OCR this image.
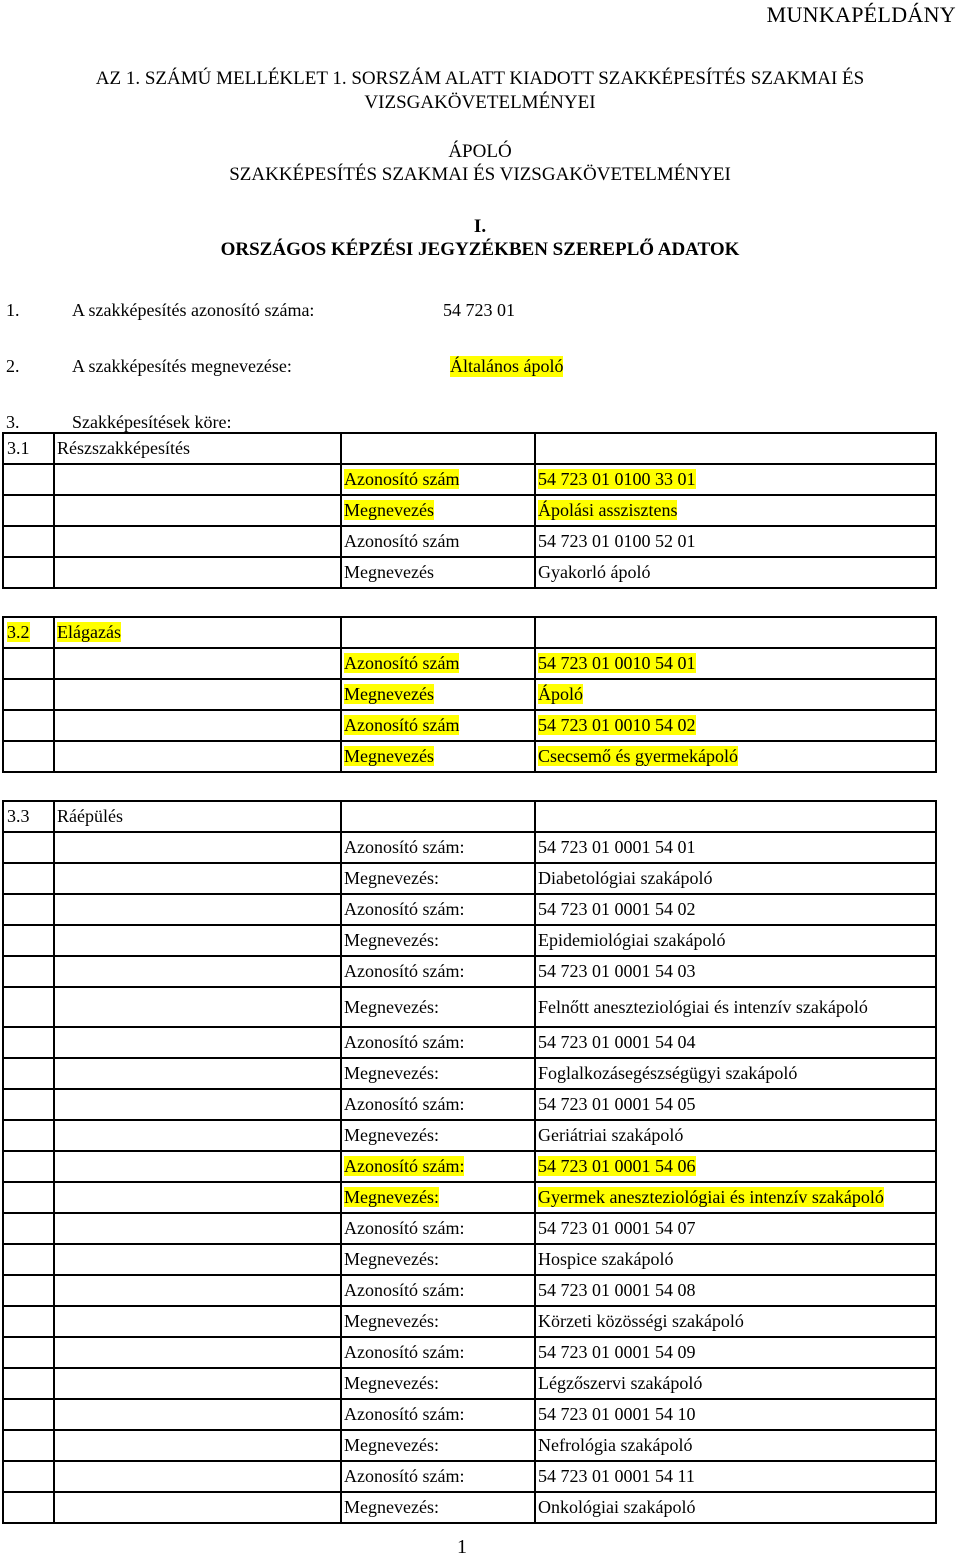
MUNKAPÉLDÁNY
AZ 1. SZÁMÚ MELLÉKLET 1. SORSZÁM ALATT KIADOTT SZAKKÉPESÍTÉS SZAKMAI ÉS
VIZSGAKÖVETELMÉNYEI
ÁPOLÓ
SZAKKÉPESÍTÉS SZAKMAI ÉS VIZSGAKÖVETELMÉNYEI
I.
ORSZÁGOS KÉPZÉSI JEGYZÉKBEN SZEREPLŐ ADATOK
1.	A szakképesítés azonosító száma:	54 723 01
2.	A szakképesítés megnevezése:	Általános ápoló
3.	Szakképesítések köre:
3.1	Részszakképesítés		
		Azonosító szám	54 723 01 0100 33 01
		Megnevezés	Ápolási asszisztens
		Azonosító szám	54 723 01 0100 52 01
		Megnevezés	Gyakorló ápoló
3.2	Elágazás		
		Azonosító szám	54 723 01 0010 54 01
		Megnevezés	Ápoló
		Azonosító szám	54 723 01 0010 54 02
		Megnevezés	Csecsemő és gyermekápoló
3.3	Ráépülés		
		Azonosító szám:	54 723 01 0001 54 01
		Megnevezés:	Diabetológiai szakápoló
		Azonosító szám:	54 723 01 0001 54 02
		Megnevezés:	Epidemiológiai szakápoló
		Azonosító szám:	54 723 01 0001 54 03
		Megnevezés:	Felnőtt aneszteziológiai és intenzív szakápoló
		Azonosító szám:	54 723 01 0001 54 04
		Megnevezés:	Foglalkozásegészségügyi szakápoló
		Azonosító szám:	54 723 01 0001 54 05
		Megnevezés:	Geriátriai szakápoló
		Azonosító szám:	54 723 01 0001 54 06
		Megnevezés:	Gyermek aneszteziológiai és intenzív szakápoló
		Azonosító szám:	54 723 01 0001 54 07
		Megnevezés:	Hospice szakápoló
		Azonosító szám:	54 723 01 0001 54 08
		Megnevezés:	Körzeti közösségi szakápoló
		Azonosító szám:	54 723 01 0001 54 09
		Megnevezés:	Légzőszervi szakápoló
		Azonosító szám:	54 723 01 0001 54 10
		Megnevezés:	Nefrológia szakápoló
		Azonosító szám:	54 723 01 0001 54 11
		Megnevezés:	Onkológiai szakápoló
1
